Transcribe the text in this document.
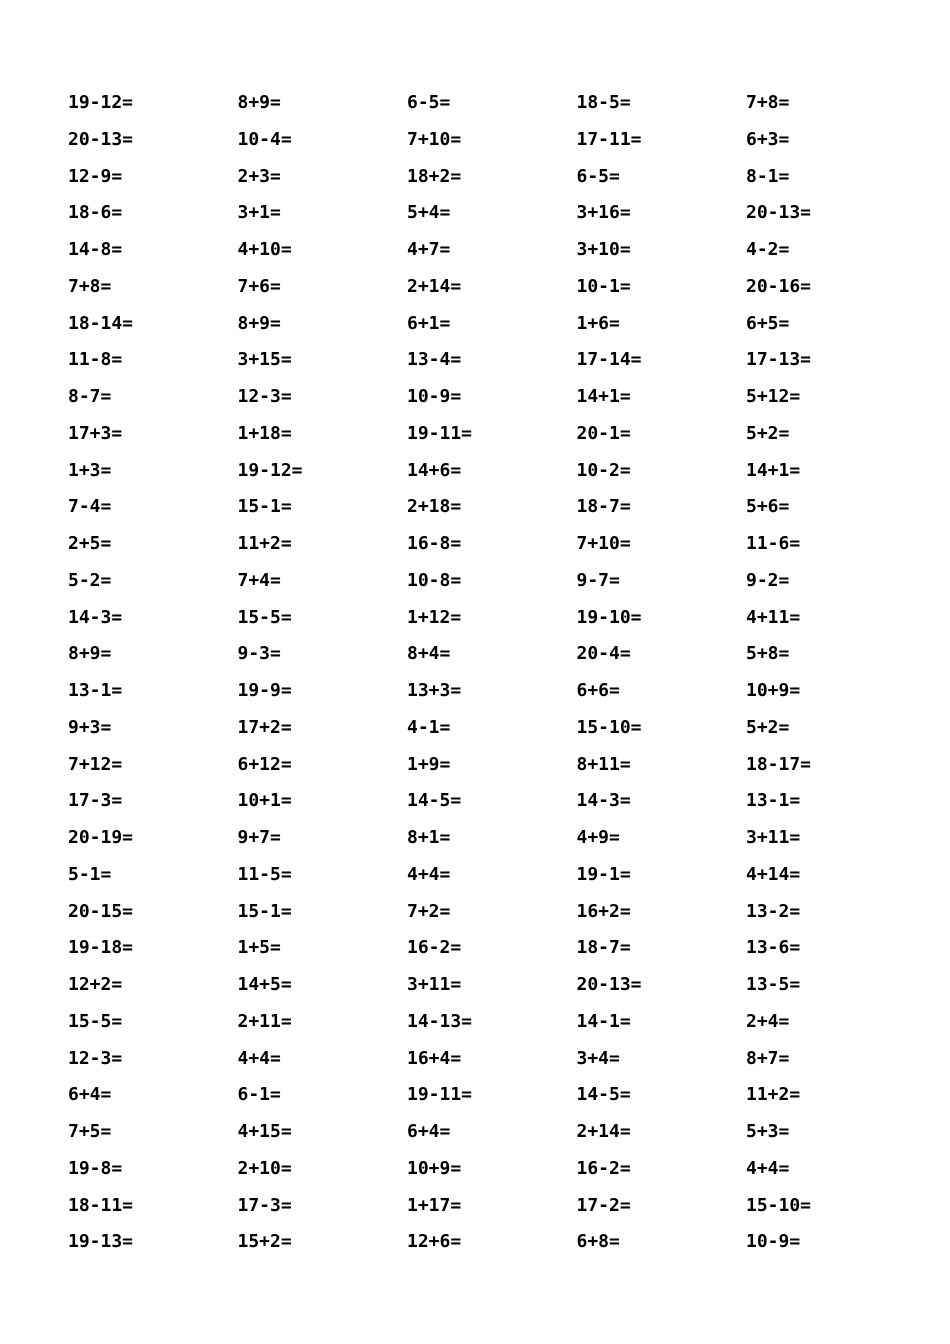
19-12=	8+9=	6-5=	18-5=	7+8=
20-13=	10-4=	7+10=	17-11=	6+3=
12-9=	2+3=	18+2=	6-5=	8-1=
18-6=	3+1=	5+4=	3+16=	20-13=
14-8=	4+10=	4+7=	3+10=	4-2=
7+8=	7+6=	2+14=	10-1=	20-16=
18-14=	8+9=	6+1=	1+6=	6+5=
11-8=	3+15=	13-4=	17-14=	17-13=
8-7=	12-3=	10-9=	14+1=	5+12=
17+3=	1+18=	19-11=	20-1=	5+2=
1+3=	19-12=	14+6=	10-2=	14+1=
7-4=	15-1=	2+18=	18-7=	5+6=
2+5=	11+2=	16-8=	7+10=	11-6=
5-2=	7+4=	10-8=	9-7=	9-2=
14-3=	15-5=	1+12=	19-10=	4+11=
8+9=	9-3=	8+4=	20-4=	5+8=
13-1=	19-9=	13+3=	6+6=	10+9=
9+3=	17+2=	4-1=	15-10=	5+2=
7+12=	6+12=	1+9=	8+11=	18-17=
17-3=	10+1=	14-5=	14-3=	13-1=
20-19=	9+7=	8+1=	4+9=	3+11=
5-1=	11-5=	4+4=	19-1=	4+14=
20-15=	15-1=	7+2=	16+2=	13-2=
19-18=	1+5=	16-2=	18-7=	13-6=
12+2=	14+5=	3+11=	20-13=	13-5=
15-5=	2+11=	14-13=	14-1=	2+4=
12-3=	4+4=	16+4=	3+4=	8+7=
6+4=	6-1=	19-11=	14-5=	11+2=
7+5=	4+15=	6+4=	2+14=	5+3=
19-8=	2+10=	10+9=	16-2=	4+4=
18-11=	17-3=	1+17=	17-2=	15-10=
19-13=	15+2=	12+6=	6+8=	10-9=
